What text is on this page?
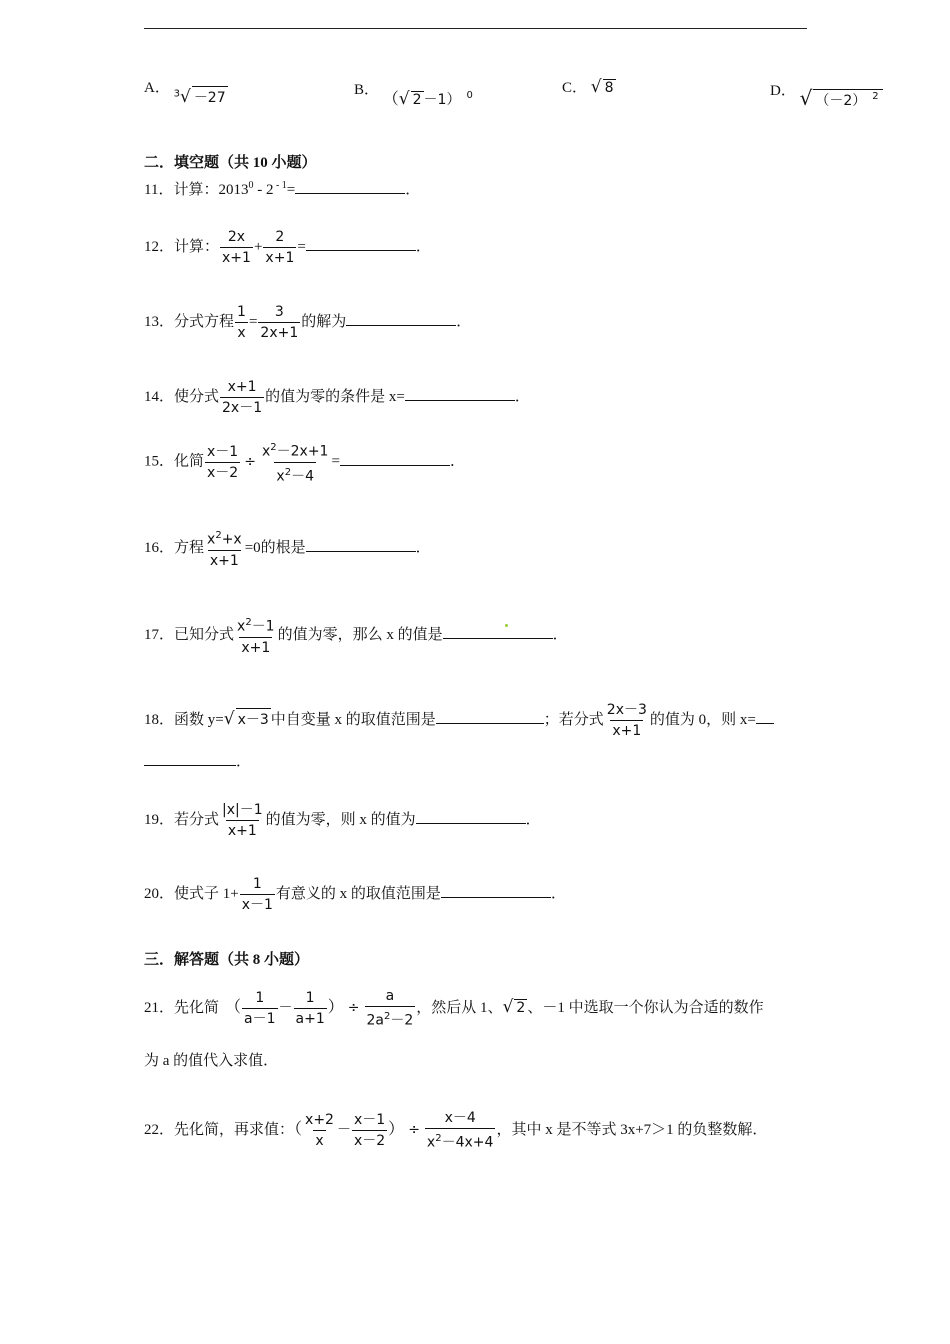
A． $^3$√ －27	B． （√ 2 －1） $^0$	C． √ 8	D． √ （－2） $^2$
二．填空题（共 10 小题）
11．计算：2013$^0$ - 2 $^{- 1}$=	．
12．计算： $\frac{2x}{x+1} + \frac{2}{x+1}$ =	．
13．分式方程 $\frac{1}{x} = \frac{3}{2x+1}$ 的解为	．
14．使分式 $\frac{x+1}{2x-1}$ 的值为零的条件是 x=	．
15．化简 $\frac{x-1}{x-2} \div \frac{x^2-2x+1}{x^2-4}$ =	．
16．方程 $\frac{x^2+x}{x+1} =0$的根是	．
17．已知分式 $\frac{x^2-1}{x+1}$ 的值为零，那么 x 的值是	．
18．函数 y=√ x－3 中自变量 x 的取值范围是	；若分式 $\frac{2x-3}{x+1}$ 的值为 0，则 x=
．
19．若分式 $\frac{|x|-1}{x+1}$ 的值为零，则 x 的值为	．
20．使式子 $1+ \frac{1}{x-1}$ 有意义的 x 的取值范围是	．
三．解答题（共 8 小题）
21．先化简 （ $\frac{1}{a-1} - \frac{1}{a+1}$ ） ÷ $\frac{a}{2a^2-2}$ ，然后从 1、√ 2 、－1 中选取一个你认为合适的数作
为 a 的值代入求值．
22．先化简，再求值：（ $\frac{x+2}{x} - \frac{x-1}{x-2}$ ） ÷ $\frac{x-4}{x^2-4x+4}$ ，其中 x 是不等式 3x+7＞1 的负整数解．
